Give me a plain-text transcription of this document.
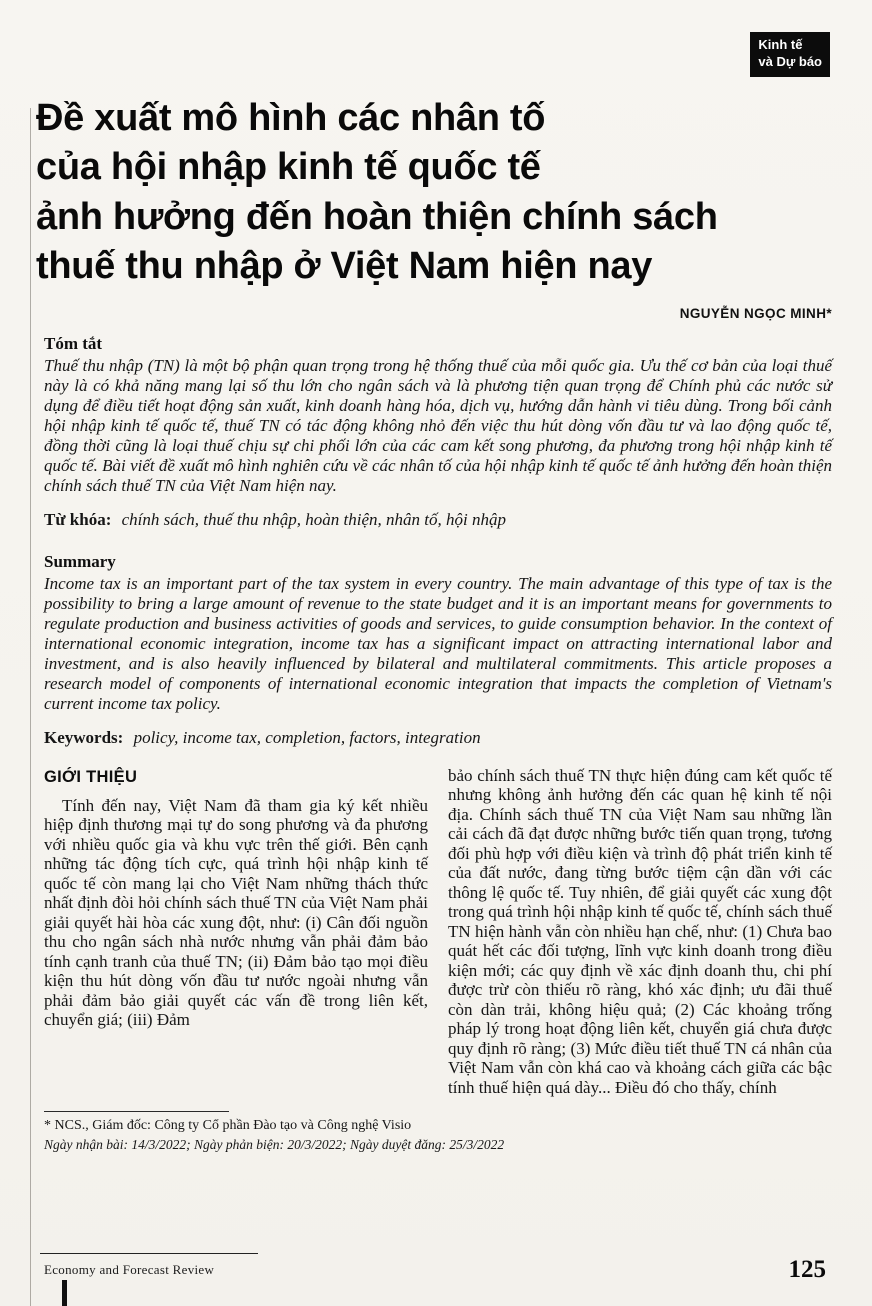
Kinh tế
và Dự báo
Đề xuất mô hình các nhân tố
của hội nhập kinh tế quốc tế
ảnh hưởng đến hoàn thiện chính sách
thuế thu nhập ở Việt Nam hiện nay
NGUYỄN NGỌC MINH*
Tóm tắt

Thuế thu nhập (TN) là một bộ phận quan trọng trong hệ thống thuế của mỗi quốc gia. Ưu thế cơ bản của loại thuế này là có khả năng mang lại số thu lớn cho ngân sách và là phương tiện quan trọng để Chính phủ các nước sử dụng để điều tiết hoạt động sản xuất, kinh doanh hàng hóa, dịch vụ, hướng dẫn hành vi tiêu dùng. Trong bối cảnh hội nhập kinh tế quốc tế, thuế TN có tác động không nhỏ đến việc thu hút dòng vốn đầu tư và lao động quốc tế, đồng thời cũng là loại thuế chịu sự chi phối lớn của các cam kết song phương, đa phương trong hội nhập kinh tế quốc tế. Bài viết đề xuất mô hình nghiên cứu về các nhân tố của hội nhập kinh tế quốc tế ảnh hưởng đến hoàn thiện chính sách thuế TN của Việt Nam hiện nay.

Từ khóa: chính sách, thuế thu nhập, hoàn thiện, nhân tố, hội nhập

Summary

Income tax is an important part of the tax system in every country. The main advantage of this type of tax is the possibility to bring a large amount of revenue to the state budget and it is an important means for governments to regulate production and business activities of goods and services, to guide consumption behavior. In the context of international economic integration, income tax has a significant impact on attracting international labor and investment, and is also heavily influenced by bilateral and multilateral commitments. This article proposes a research model of components of international economic integration that impacts the completion of Vietnam's current income tax policy.

Keywords: policy, income tax, completion, factors, integration

GIỚI THIỆU

Tính đến nay, Việt Nam đã tham gia ký kết nhiều hiệp định thương mại tự do song phương và đa phương với nhiều quốc gia và khu vực trên thế giới. Bên cạnh những tác động tích cực, quá trình hội nhập kinh tế quốc tế còn mang lại cho Việt Nam những thách thức nhất định đòi hỏi chính sách thuế TN của Việt Nam phải giải quyết hài hòa các xung đột, như: (i) Cân đối nguồn thu cho ngân sách nhà nước nhưng vẫn phải đảm bảo tính cạnh tranh của thuế TN; (ii) Đảm bảo tạo mọi điều kiện thu hút dòng vốn đầu tư nước ngoài nhưng vẫn phải đảm bảo giải quyết các vấn đề trong liên kết, chuyển giá; (iii) Đảm

bảo chính sách thuế TN thực hiện đúng cam kết quốc tế nhưng không ảnh hưởng đến các quan hệ kinh tế nội địa. Chính sách thuế TN của Việt Nam sau những lần cải cách đã đạt được những bước tiến quan trọng, tương đối phù hợp với điều kiện và trình độ phát triển kinh tế của đất nước, đang từng bước tiệm cận dần với các thông lệ quốc tế. Tuy nhiên, để giải quyết các xung đột trong quá trình hội nhập kinh tế quốc tế, chính sách thuế TN hiện hành vẫn còn nhiều hạn chế, như: (1) Chưa bao quát hết các đối tượng, lĩnh vực kinh doanh trong điều kiện mới; các quy định về xác định doanh thu, chi phí được trừ còn thiếu rõ ràng, khó xác định; ưu đãi thuế còn dàn trải, không hiệu quả; (2) Các khoảng trống pháp lý trong hoạt động liên kết, chuyển giá chưa được quy định rõ ràng; (3) Mức điều tiết thuế TN cá nhân của Việt Nam vẫn còn khá cao và khoảng cách giữa các bậc tính thuế hiện quá dày... Điều đó cho thấy, chính

* NCS., Giám đốc: Công ty Cổ phần Đào tạo và Công nghệ Visio
Ngày nhận bài: 14/3/2022; Ngày phản biện: 20/3/2022; Ngày duyệt đăng: 25/3/2022
Economy and Forecast Review	125
